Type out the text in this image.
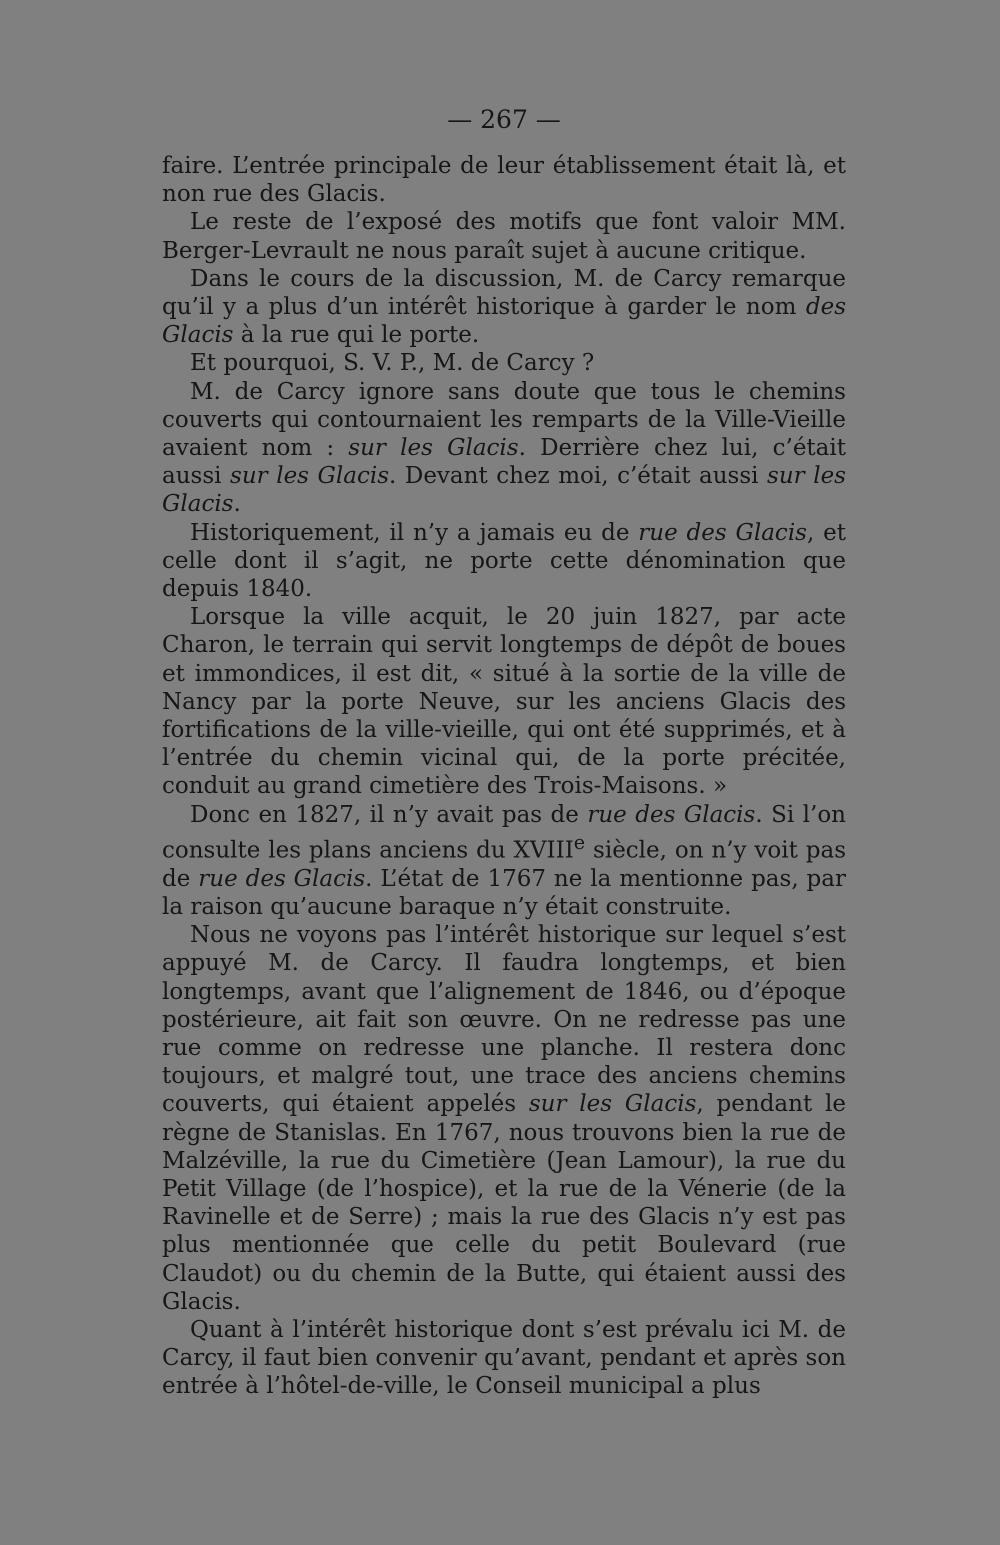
— 267 —

faire. L’entrée principale de leur établissement était là, et non rue des Glacis.

Le reste de l’exposé des motifs que font valoir MM. Berger-Levrault ne nous paraît sujet à aucune critique.

Dans le cours de la discussion, M. de Carcy remarque qu’il y a plus d’un intérêt historique à garder le nom des Glacis à la rue qui le porte.

Et pourquoi, S. V. P., M. de Carcy ?

M. de Carcy ignore sans doute que tous le chemins couverts qui contournaient les remparts de la Ville-Vieille avaient nom : sur les Glacis. Derrière chez lui, c’était aussi sur les Glacis. Devant chez moi, c’était aussi sur les Glacis.

Historiquement, il n’y a jamais eu de rue des Glacis, et celle dont il s’agit, ne porte cette dénomination que depuis 1840.

Lorsque la ville acquit, le 20 juin 1827, par acte Charon, le terrain qui servit longtemps de dépôt de boues et immondices, il est dit, « situé à la sortie de la ville de Nancy par la porte Neuve, sur les anciens Glacis des fortifications de la ville-vieille, qui ont été supprimés, et à l’entrée du chemin vicinal qui, de la porte précitée, conduit au grand cimetière des Trois-Maisons. »

Donc en 1827, il n’y avait pas de rue des Glacis. Si l’on consulte les plans anciens du XVIIIe siècle, on n’y voit pas de rue des Glacis. L’état de 1767 ne la mentionne pas, par la raison qu’aucune baraque n’y était construite.

Nous ne voyons pas l’intérêt historique sur lequel s’est appuyé M. de Carcy. Il faudra longtemps, et bien longtemps, avant que l’alignement de 1846, ou d’époque postérieure, ait fait son œuvre. On ne redresse pas une rue comme on redresse une planche. Il restera donc toujours, et malgré tout, une trace des anciens chemins couverts, qui étaient appelés sur les Glacis, pendant le règne de Stanislas. En 1767, nous trouvons bien la rue de Malzéville, la rue du Cimetière (Jean Lamour), la rue du Petit Village (de l’hospice), et la rue de la Vénerie (de la Ravinelle et de Serre) ; mais la rue des Glacis n’y est pas plus mentionnée que celle du petit Boulevard (rue Claudot) ou du chemin de la Butte, qui étaient aussi des Glacis.

Quant à l’intérêt historique dont s’est prévalu ici M. de Carcy, il faut bien convenir qu’avant, pendant et après son entrée à l’hôtel-de-ville, le Conseil municipal a plus
